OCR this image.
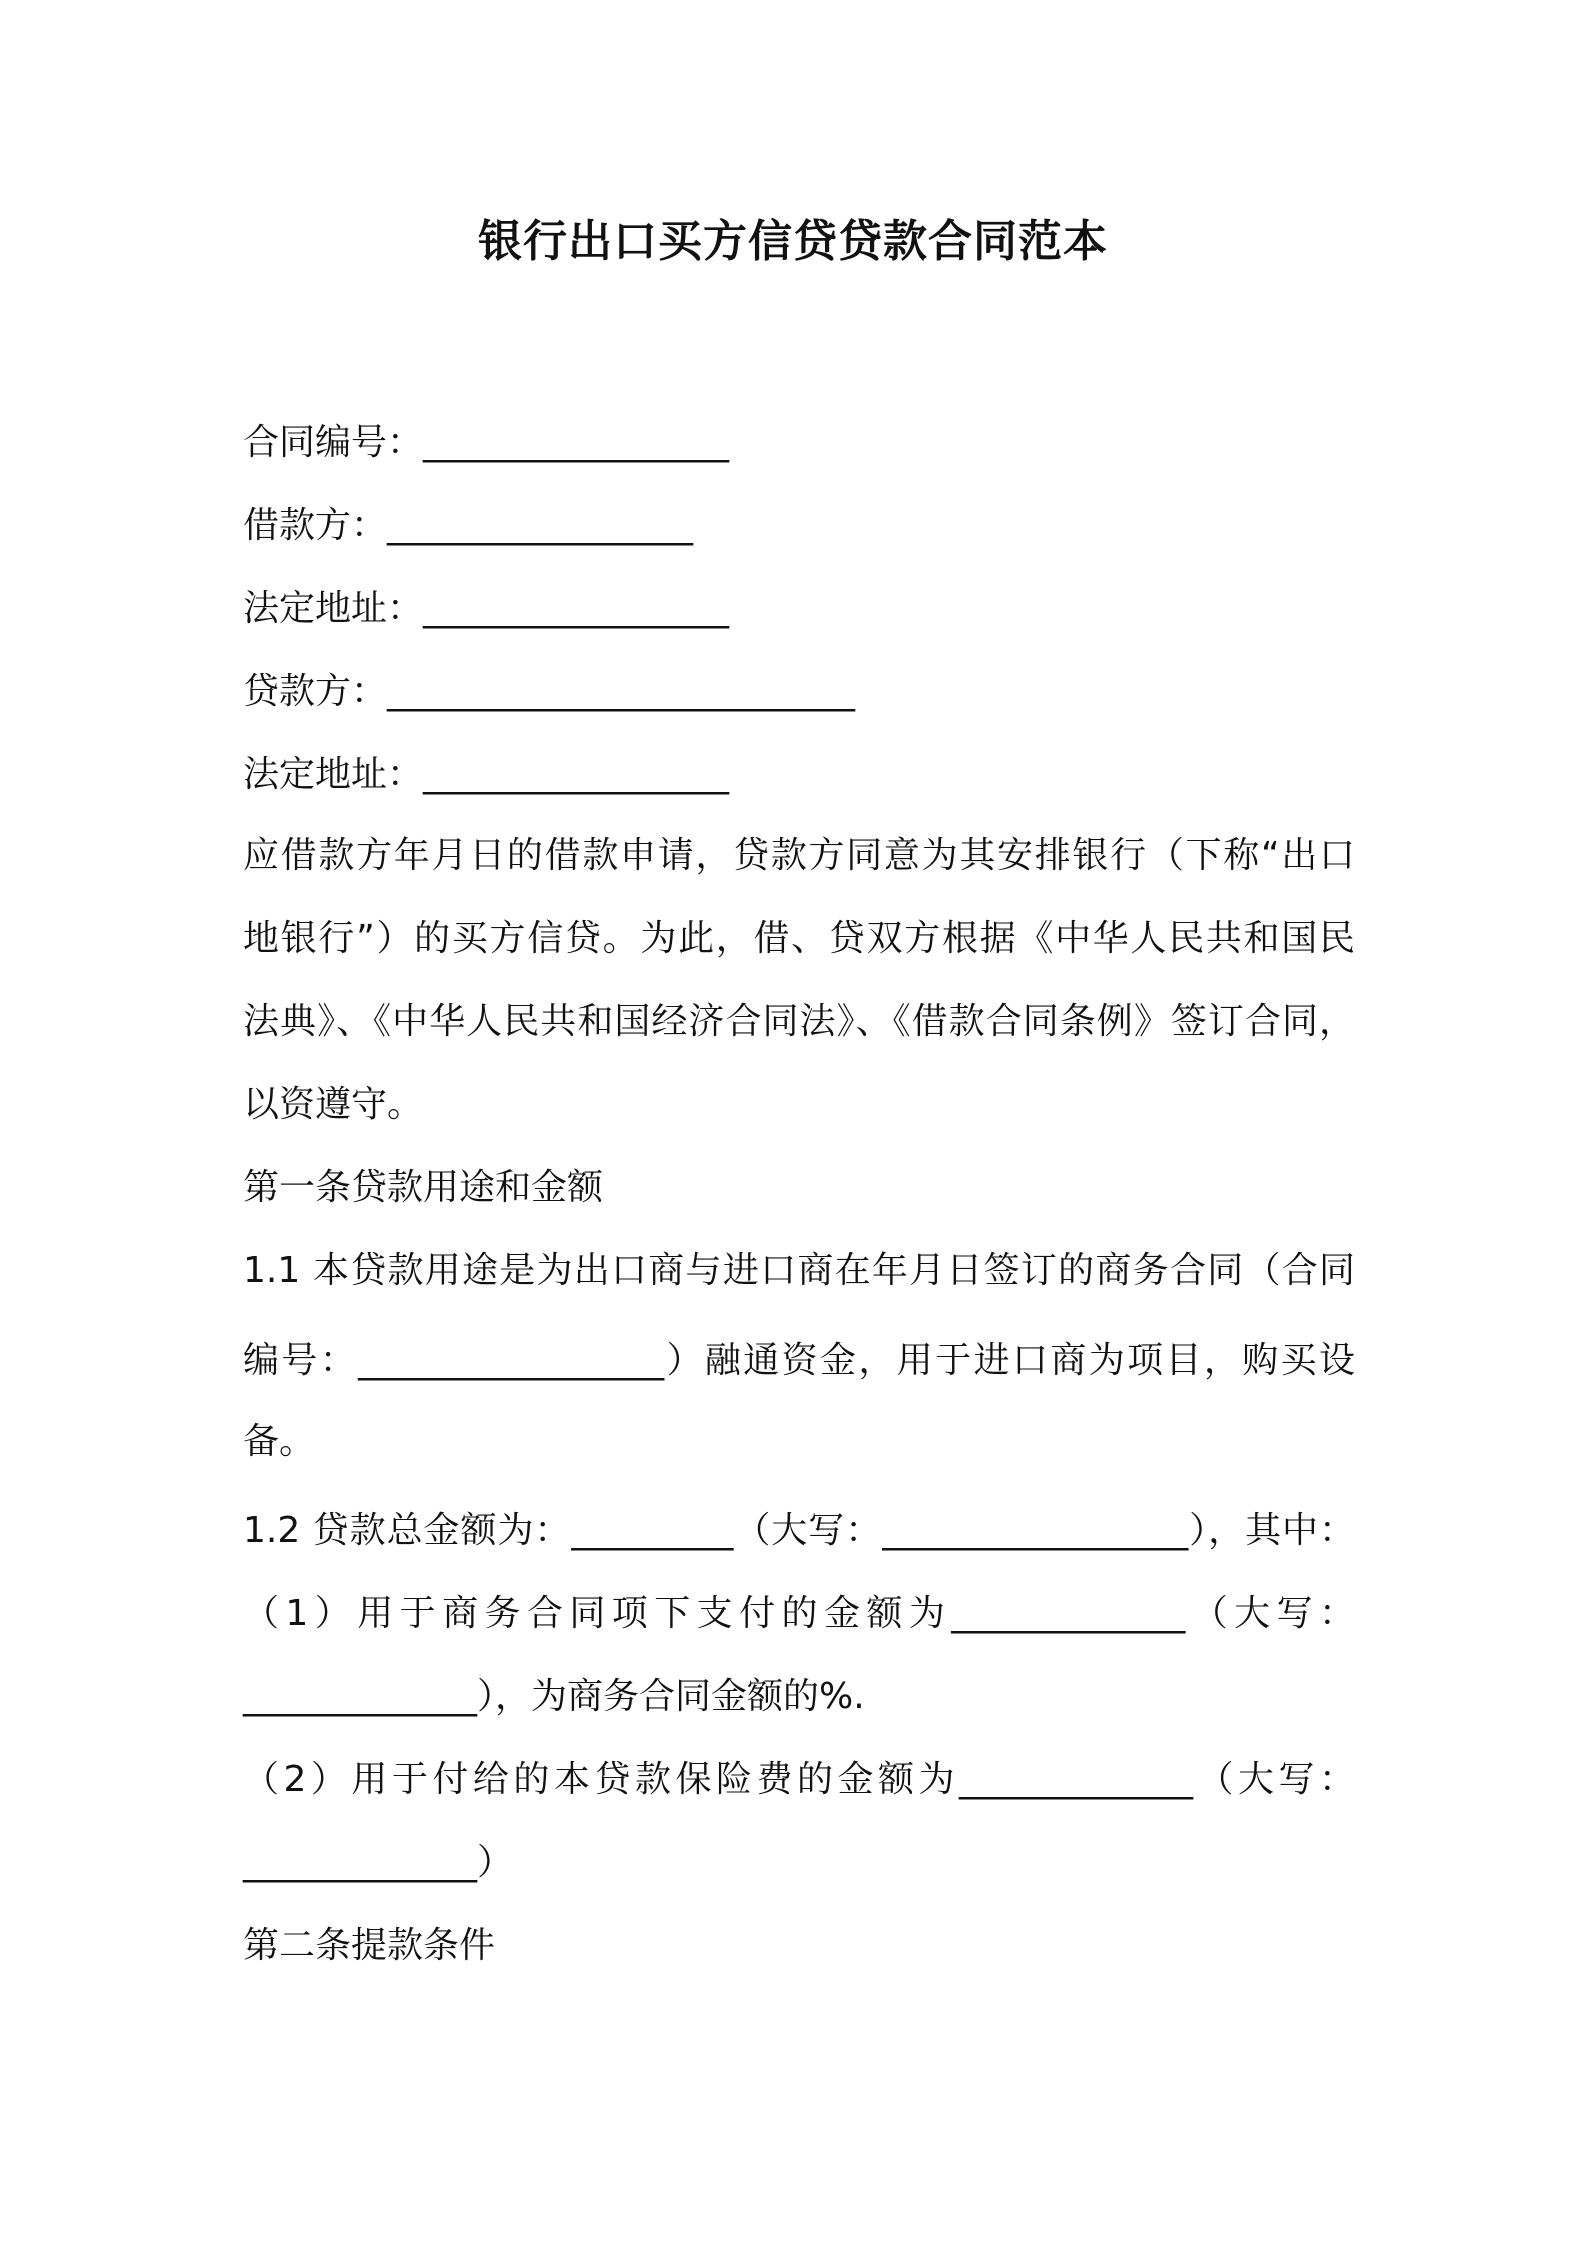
银行出口买方信贷贷款合同范本
合同编号：_________________
借款方：_________________
法定地址：_________________
贷款方：__________________________
法定地址：_________________
应借款方年月日的借款申请，贷款方同意为其安排银行（下称“出口
地银行”）的买方信贷。为此，借、贷双方根据《中华人民共和国民
法典》、《中华人民共和国经济合同法》、《借款合同条例》签订合同，
以资遵守。
第一条贷款用途和金额
1.1 本贷款用途是为出口商与进口商在年月日签订的商务合同（合同
编号：_________________）融通资金，用于进口商为项目，购买设
备。
1.2 贷款总金额为：_________（大写：_________________），其中：
（1）用于商务合同项下支付的金额为_____________（大写：
_____________），为商务合同金额的%.
（2）用于付给的本贷款保险费的金额为_____________（大写：
_____________）
第二条提款条件
